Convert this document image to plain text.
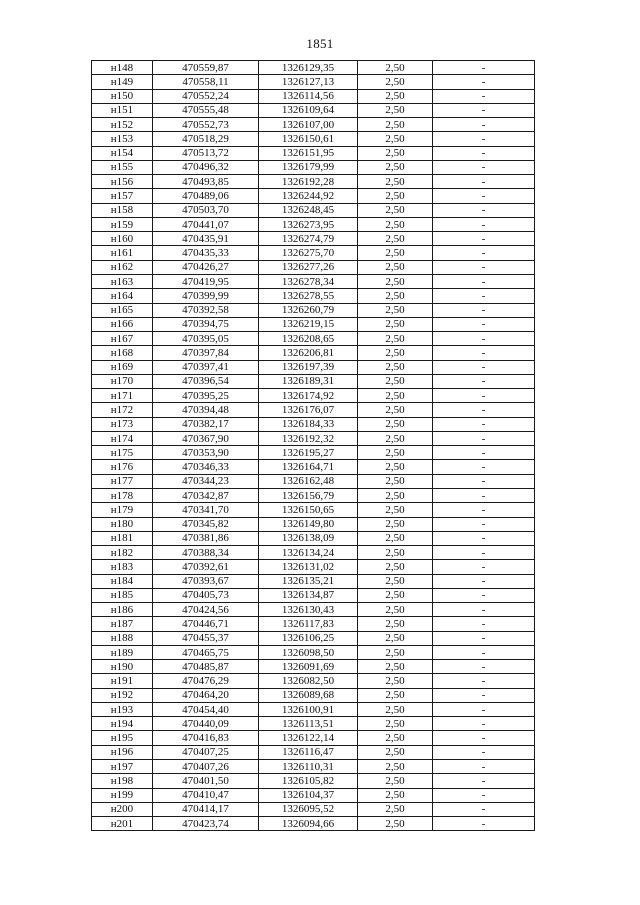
1851
н148	470559,87	1326129,35	2,50	-
н149	470558,11	1326127,13	2,50	-
н150	470552,24	1326114,56	2,50	-
н151	470555,48	1326109,64	2,50	-
н152	470552,73	1326107,00	2,50	-
н153	470518,29	1326150,61	2,50	-
н154	470513,72	1326151,95	2,50	-
н155	470496,32	1326179,99	2,50	-
н156	470493,85	1326192,28	2,50	-
н157	470489,06	1326244,92	2,50	-
н158	470503,70	1326248,45	2,50	-
н159	470441,07	1326273,95	2,50	-
н160	470435,91	1326274,79	2,50	-
н161	470435,33	1326275,70	2,50	-
н162	470426,27	1326277,26	2,50	-
н163	470419,95	1326278,34	2,50	-
н164	470399,99	1326278,55	2,50	-
н165	470392,58	1326260,79	2,50	-
н166	470394,75	1326219,15	2,50	-
н167	470395,05	1326208,65	2,50	-
н168	470397,84	1326206,81	2,50	-
н169	470397,41	1326197,39	2,50	-
н170	470396,54	1326189,31	2,50	-
н171	470395,25	1326174,92	2,50	-
н172	470394,48	1326176,07	2,50	-
н173	470382,17	1326184,33	2,50	-
н174	470367,90	1326192,32	2,50	-
н175	470353,90	1326195,27	2,50	-
н176	470346,33	1326164,71	2,50	-
н177	470344,23	1326162,48	2,50	-
н178	470342,87	1326156,79	2,50	-
н179	470341,70	1326150,65	2,50	-
н180	470345,82	1326149,80	2,50	-
н181	470381,86	1326138,09	2,50	-
н182	470388,34	1326134,24	2,50	-
н183	470392,61	1326131,02	2,50	-
н184	470393,67	1326135,21	2,50	-
н185	470405,73	1326134,87	2,50	-
н186	470424,56	1326130,43	2,50	-
н187	470446,71	1326117,83	2,50	-
н188	470455,37	1326106,25	2,50	-
н189	470465,75	1326098,50	2,50	-
н190	470485,87	1326091,69	2,50	-
н191	470476,29	1326082,50	2,50	-
н192	470464,20	1326089,68	2,50	-
н193	470454,40	1326100,91	2,50	-
н194	470440,09	1326113,51	2,50	-
н195	470416,83	1326122,14	2,50	-
н196	470407,25	1326116,47	2,50	-
н197	470407,26	1326110,31	2,50	-
н198	470401,50	1326105,82	2,50	-
н199	470410,47	1326104,37	2,50	-
н200	470414,17	1326095,52	2,50	-
н201	470423,74	1326094,66	2,50	-
